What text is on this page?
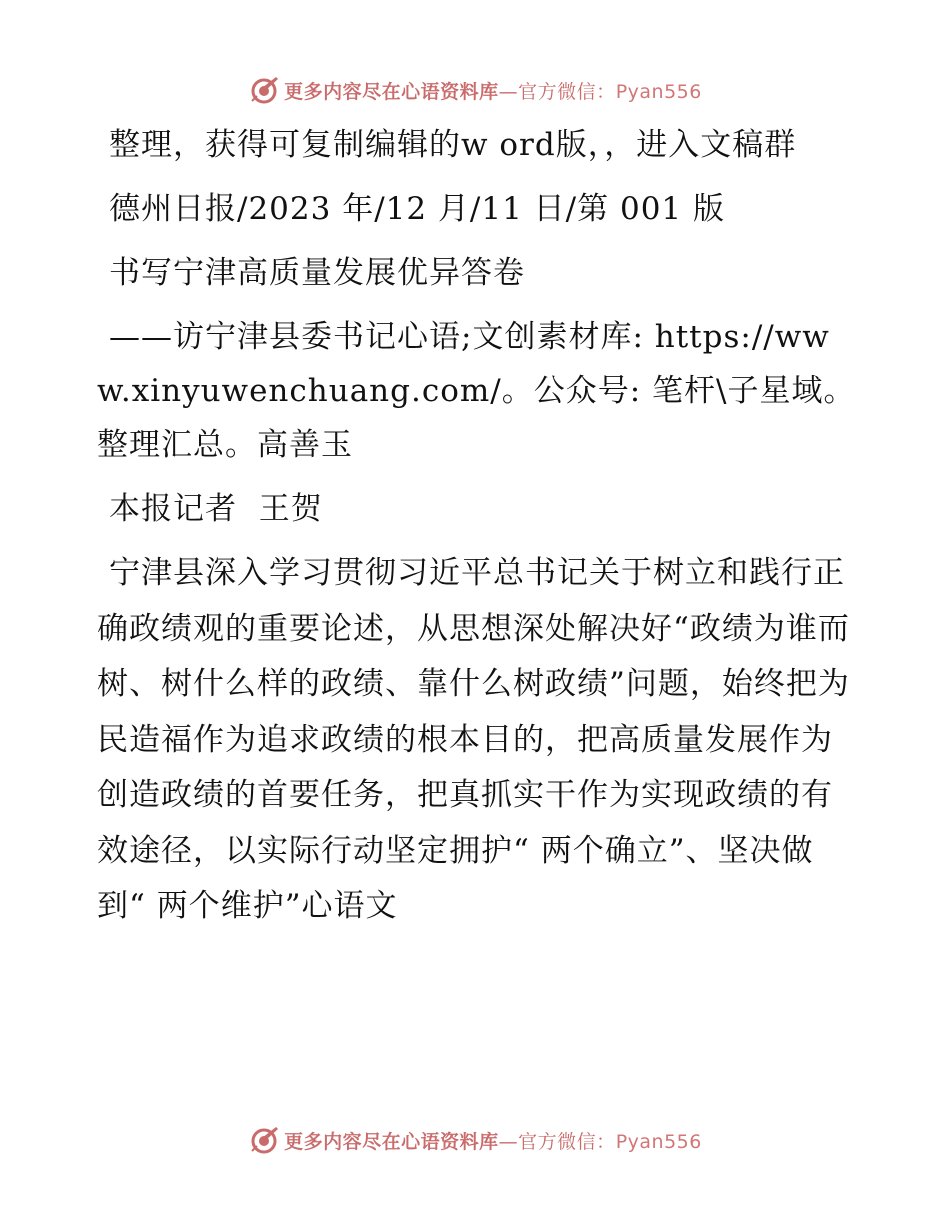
更多内容尽在心语资料库—官方微信：Pyan556

整理，获得可复制编辑的w ord版，，进入文稿群

德州日报/2023 年/12 月/11 日/第 001 版

书写宁津高质量发展优异答卷

——访宁津县委书记心语;文创素材库: https://www.xinyuwenchuang.com/。公众号: 笔杆\子星域。整理汇总。高善玉

本报记者  王贺

宁津县深入学习贯彻习近平总书记关于树立和践行正确政绩观的重要论述，从思想深处解决好“政绩为谁而树、树什么样的政绩、靠什么树政绩”问题，始终把为民造福作为追求政绩的根本目的，把高质量发展作为创造政绩的首要任务，把真抓实干作为实现政绩的有效途径，以实际行动坚定拥护“ 两个确立”、坚决做到“ 两个维护”心语文

更多内容尽在心语资料库—官方微信：Pyan556
